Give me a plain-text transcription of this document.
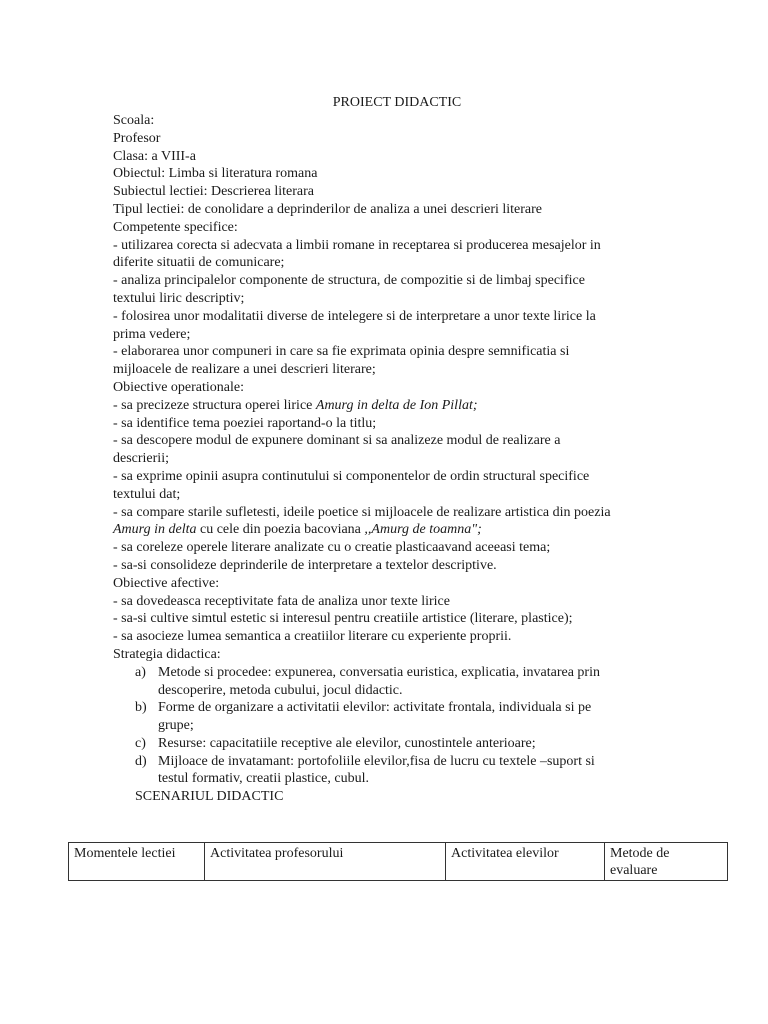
PROIECT DIDACTIC
Scoala:
Profesor
Clasa: a VIII-a
Obiectul: Limba si literatura romana
Subiectul lectiei: Descrierea literara
Tipul lectiei: de conolidare a deprinderilor de analiza a unei descrieri literare
Competente specifice:
- utilizarea corecta si adecvata a limbii romane in receptarea si producerea mesajelor in
diferite situatii de comunicare;
- analiza principalelor componente de structura, de compozitie si de limbaj specifice
textului liric descriptiv;
- folosirea unor modalitatii diverse de intelegere si de interpretare a unor texte lirice la
prima vedere;
- elaborarea unor compuneri in care sa fie exprimata opinia despre semnificatia si
mijloacele de realizare a unei descrieri literare;
Obiective operationale:
- sa precizeze structura operei lirice Amurg in delta de Ion Pillat;
- sa identifice tema poeziei raportand-o la titlu;
- sa descopere modul de expunere dominant si sa analizeze modul de realizare a
descrierii;
- sa exprime opinii asupra continutului si componentelor de ordin structural specifice
textului dat;
- sa compare starile sufletesti, ideile poetice si mijloacele de realizare artistica din poezia
Amurg in delta cu cele din poezia bacoviana ,,Amurg de toamna";
- sa coreleze operele literare analizate cu o creatie plasticaavand aceeasi tema;
- sa-si consolideze deprinderile de interpretare a textelor descriptive.
Obiective afective:
- sa dovedeasca receptivitate fata de analiza unor texte lirice
- sa-si cultive simtul estetic si interesul pentru creatiile artistice (literare, plastice);
- sa asocieze lumea semantica a creatiilor literare cu experiente proprii.
Strategia didactica:
a) Metode si procedee: expunerea, conversatia euristica, explicatia, invatarea prin
descoperire, metoda cubului, jocul didactic.
b) Forme de organizare a activitatii elevilor: activitate frontala, individuala si pe
grupe;
c) Resurse: capacitatiile receptive ale elevilor, cunostintele anterioare;
d) Mijloace de invatamant: portofoliile elevilor,fisa de lucru cu textele –suport si
testul formativ, creatii plastice, cubul.
SCENARIUL DIDACTIC
Momentele lectiei	Activitatea profesorului	Activitatea elevilor	Metode de
evaluare
